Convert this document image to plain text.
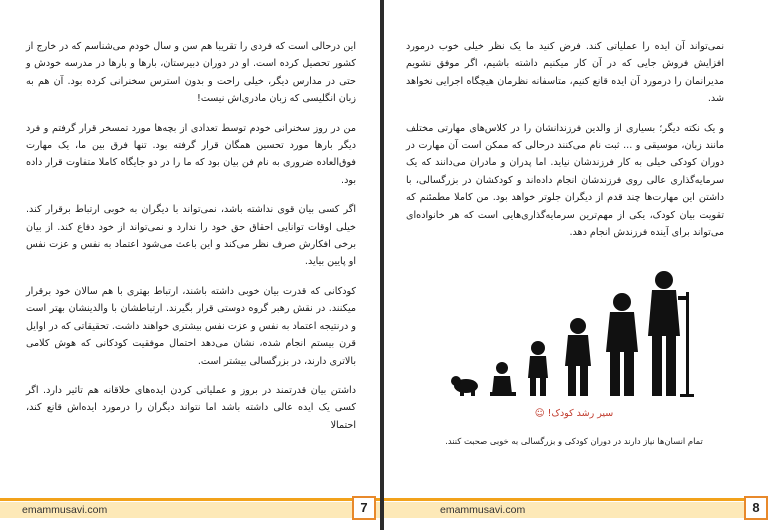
این درحالی است که فردی را تقریبا هم سن و سال خودم می‌شناسم که در خارج از کشور تحصیل کرده است. او در دوران دبیرستان، بارها و بارها در مدرسه خودش و حتی در مدارس دیگر، خیلی راحت و بدون استرس سخنرانی کرده بود. آن هم به زبان انگلیسی که زبان مادری‌اش نیست!

من در روز سخنرانی خودم توسط تعدادی از بچه‌ها مورد تمسخر قرار گرفتم و فرد دیگر بارها مورد تحسین همگان قرار گرفته بود. تنها فرق بین ما، یک مهارت فوق‌العاده ضروری به نام فن بیان بود که ما را در دو جایگاه کاملا متفاوت قرار داده بود.

اگر کسی بیان قوی نداشته باشد، نمی‌تواند با دیگران به خوبی ارتباط برقرار کند. خیلی اوقات توانایی احقاق حق خود را ندارد و نمی‌تواند از خود دفاع کند. از بیان برخی افکارش صرف نظر می‌کند و این باعث می‌شود اعتماد به نفس و عزت نفس او پایین بیاید.

کودکانی که قدرت بیان خوبی داشته باشند، ارتباط بهتری با هم سالان خود برقرار میکنند. در نقش رهبر گروه دوستی قرار بگیرند. ارتباطشان با والدینشان بهتر است و درنتیجه اعتماد به نفس و عزت نفس بیشتری خواهند داشت. تحقیقاتی که در اوایل قرن بیستم انجام شده، نشان می‌دهد احتمال موفقیت کودکانی که هوش کلامی بالاتری دارند، در بزرگسالی بیشتر است.

داشتن بیان قدرتمند در بروز و عملیاتی کردن ایده‌های خلاقانه هم تاثیر دارد. اگر کسی یک ایده عالی داشته باشد اما نتواند دیگران را درمورد ایده‌اش قانع کند، احتمالا

emammusavi.com	7

نمی‌تواند آن ایده را عملیاتی کند. فرض کنید ما یک نظر خیلی خوب درمورد افزایش فروش جایی که در آن کار میکنیم داشته باشیم، اگر موفق نشویم مدیرانمان را درمورد آن ایده قانع کنیم، متاسفانه نظرمان هیچگاه اجرایی نخواهد شد.

و یک نکته دیگر؛ بسیاری از والدین فرزندانشان را در کلاس‌های مهارتی مختلف مانند زبان، موسیقی و ... ثبت نام می‌کنند درحالی که ممکن است آن مهارت در دوران کودکی خیلی به کار فرزندشان نیاید. اما پدران و مادران می‌دانند که یک سرمایه‌گذاری عالی روی فرزندشان انجام داده‌اند و کودکشان در بزرگسالی، با داشتن این مهارت‌ها چند قدم از دیگران جلوتر خواهد بود. من کاملا مطمئنم که تقویت بیان کودک، یکی از مهم‌ترین سرمایه‌گذاری‌هایی است که هر خانواده‌ای می‌تواند برای آینده فرزندش انجام دهد.

سیر رشد کودک! ☺
تمام انسان‌ها نیاز دارند در دوران کودکی و بزرگسالی به خوبی صحبت کنند.
emammusavi.com	8
